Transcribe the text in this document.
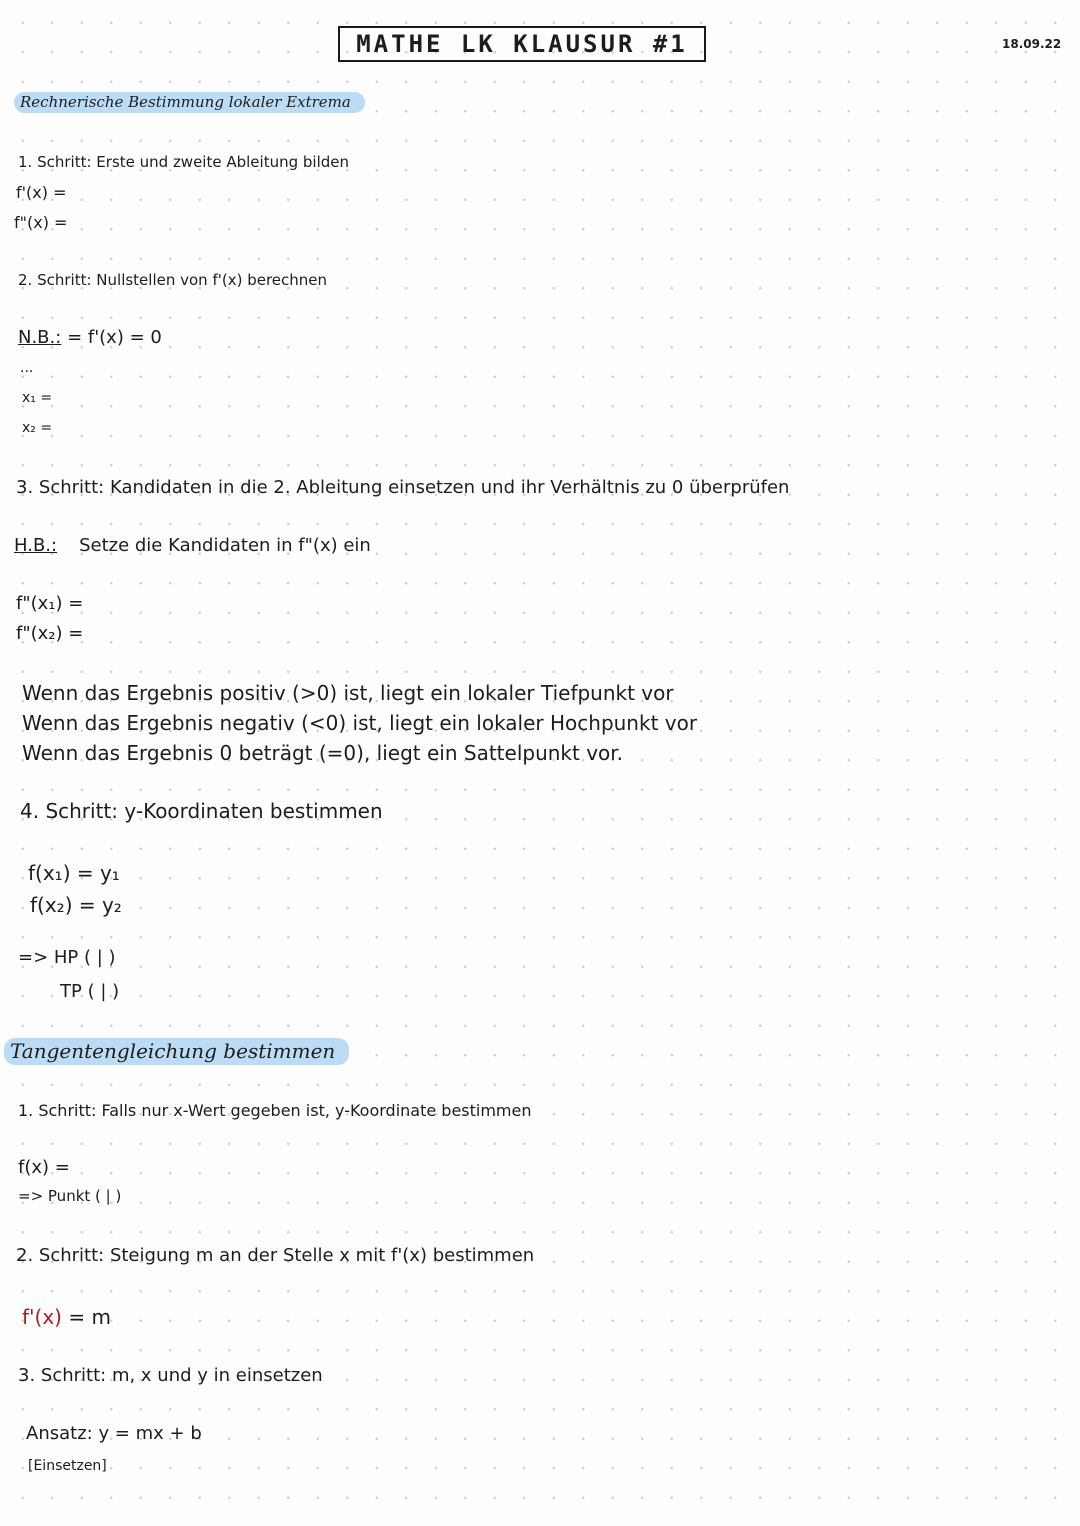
MATHE LK KLAUSUR #1	18.09.22
Rechnerische Bestimmung lokaler Extrema
1. Schritt: Erste und zweite Ableitung bilden
f'(x) =
f"(x) =
2. Schritt: Nullstellen von f'(x) berechnen
N.B.: = f'(x) = 0
...
x₁ =
x₂ =
3. Schritt: Kandidaten in die 2. Ableitung einsetzen und ihr Verhältnis zu 0 überprüfen
H.B.: Setze die Kandidaten in f"(x) ein
f"(x₁) =
f"(x₂) =
Wenn das Ergebnis positiv (>0) ist, liegt ein lokaler Tiefpunkt vor
Wenn das Ergebnis negativ (<0) ist, liegt ein lokaler Hochpunkt vor
Wenn das Ergebnis 0 beträgt (=0), liegt ein Sattelpunkt vor.
4. Schritt: y-Koordinaten bestimmen
f(x₁) = y₁
f(x₂) = y₂
=> HP ( | )
TP ( | )
Tangentengleichung bestimmen
1. Schritt: Falls nur x-Wert gegeben ist, y-Koordinate bestimmen
f(x) =
=> Punkt ( | )
2. Schritt: Steigung m an der Stelle x mit f'(x) bestimmen
f'(x) = m
3. Schritt: m, x und y in einsetzen
Ansatz: y = mx + b
[Einsetzen]
